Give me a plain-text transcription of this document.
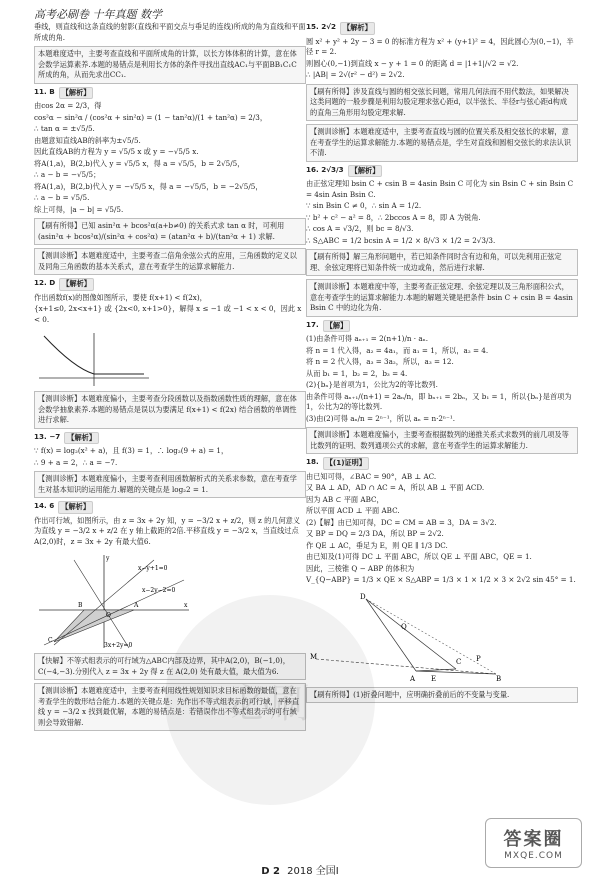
高考必刷卷 十年真题 数学
垂线，则直线和这条直线的射影(直线和平面交点与垂足的连线)所成的角为直线和平面所成的角.
本题难度适中，主要考查直线和平面所成角的计算，以长方体体积的计算，意在体会数学运算素养.本题的易错点是利用长方体的条件寻找出直线AC₁与平面BB₁C₁C所成的角，从而先求出CC₁.
11. B 【解析】
由cos 2α = 2/3，得
cos²α − sin²α / (cos²α + sin²α) = (1 − tan²α)/(1 + tan²α) = 2/3，
∴ tan α = ±√5/5.
由题意知直线AB的斜率为±√5/5.
因此直线AB的方程为 y = √5/5 x 或 y = −√5/5 x.
将A(1,a)，B(2,b)代入 y = √5/5 x，得 a = √5/5，b = 2√5/5，
∴ a − b = −√5/5；
将A(1,a)，B(2,b)代入 y = −√5/5 x，得 a = −√5/5，b = −2√5/5，
∴ a − b = √5/5.
综上可得，|a − b| = √5/5.
【刷有所得】已知 asin²α + bcos²α(a+b≠0) 的关系式求 tan α 时，可利用 (asin²α + bcos²α)/(sin²α + cos²α) = (atan²α + b)/(tan²α + 1) 求解.
【测训诊断】本题难度适中，主要考查二倍角余弦公式的应用，三角函数的定义以及同角三角函数的基本关系式，意在考查学生的运算求解能力.
12. D 【解析】
作出函数f(x)的图像如图所示，要使 f(x+1) < f(2x)，
{x+1≤0, 2x<x+1} 或 {2x<0, x+1>0}，解得 x ≤ −1 或 −1 < x < 0，因此 x < 0.
【测训诊断】本题难度偏小，主要考查分段函数以及指数函数性质的理解，意在体会数学抽象素养.本题的易错点是误以为要满足 f(x+1) < f(2x) 结合函数的单调性进行求解.
13. −7 【解析】
∵ f(x) = log₂(x² + a)，且 f(3) = 1，∴ log₂(9 + a) = 1，
∴ 9 + a = 2，∴ a = −7.
【测训诊断】本题难度偏小，主要考查利用函数解析式的关系求参数，意在考查学生对基本知识的运用能力.解题的关键点是 log₂2 = 1.
14. 6 【解析】
作出可行域，如图所示，由 z = 3x + 2y 知，y = −3/2 x + z/2，则 z 的几何意义为直线 y = −3/2 x + z/2 在 y 轴上截距的2倍.平移直线 y = −3/2 x，当直线过点A(2,0)时，z = 3x + 2y 有最大值6.
x−y+1=0
x−2y−2=0
3x+2y=0
A
B
C
O
x
y
【快解】不等式组表示的可行域为△ABC内部及边界，其中A(2,0)，B(−1,0)，C(−4,−3).分别代入 z = 3x + 2y 得 z 在 A(2,0) 处有最大值，最大值为6.
【测训诊断】本题难度适中，主要考查利用线性规划知识求目标函数的最值，意在考查学生的数形结合能力.本题的关键点是：先作出不等式组表示的可行域，平移直线 y = −3/2 x 找到最优解，本题的易错点是：若错误作出不等式组表示的可行域则会导致错解.
15. 2√2 【解析】
圆 x² + y² + 2y − 3 = 0 的标准方程为 x² + (y+1)² = 4，因此圆心为(0,−1)，半径 r = 2.
则圆心(0,−1)到直线 x − y + 1 = 0 的距离 d = |1+1|/√2 = √2.
∴ |AB| = 2√(r² − d²) = 2√2.
【刷有所得】涉及直线与圆的相交弦长问题，常用几何法而不用代数法，如果解决这类问题的一般步骤是利用勾股定理求弦心距d，以半弦长、半径r与弦心距d构成的直角三角形用勾股定理求解.
【测训诊断】本题难度适中，主要考查直线与圆的位置关系及相交弦长的求解，意在考查学生的运算求解能力.本题的易错点是，学生对直线和圆相交弦长的求法认识不清.
16. 2√3/3 【解析】
由正弦定理知 bsin C + csin B = 4asin Bsin C 可化为 sin Bsin C + sin Bsin C = 4sin Asin Bsin C.
∵ sin Bsin C ≠ 0，∴ sin A = 1/2.
∵ b² + c² − a² = 8，∴ 2bccos A = 8，即 A 为锐角.
∴ cos A = √3/2，则 bc = 8/√3.
∴ S△ABC = 1/2 bcsin A = 1/2 × 8/√3 × 1/2 = 2√3/3.
【刷有所得】解三角形问题中，若已知条件同时含有边和角，可以先利用正弦定理、余弦定理将已知条件统一成边或角，然后进行求解.
【测训诊断】本题难度中等，主要考查正弦定理、余弦定理以及三角形面积公式，意在考查学生的运算求解能力.本题的解题关键是把条件 bsin C + csin B = 4asin Bsin C 中的边化为角.
17. 【解】
(1)由条件可得 aₙ₊₁ = 2(n+1)/n · aₙ.
将 n = 1 代入得，a₂ = 4a₁，而 a₁ = 1，所以，a₂ = 4.
将 n = 2 代入得，a₃ = 3a₂，所以，a₃ = 12.
从而 b₁ = 1，b₂ = 2，b₃ = 4.
(2){bₙ}是首项为1，公比为2的等比数列.
由条件可得 aₙ₊₁/(n+1) = 2aₙ/n，即 bₙ₊₁ = 2bₙ，又 b₁ = 1，所以{bₙ}是首项为1，公比为2的等比数列.
(3)由(2)可得 aₙ/n = 2ⁿ⁻¹，所以 aₙ = n·2ⁿ⁻¹.
【测训诊断】本题难度偏小，主要考查根据数列的递推关系式求数列的前几项及等比数列的证明、数列通项公式的求解，意在考查学生的运算求解能力.
18. 【(1)证明】
由已知可得，∠BAC = 90°，AB ⊥ AC.
又 BA ⊥ AD，AD ∩ AC = A，所以 AB ⊥ 平面 ACD.
因为 AB ⊂ 平面 ABC，
所以平面 ACD ⊥ 平面 ABC.
(2)【解】由已知可得，DC = CM = AB = 3，DA = 3√2.
又 BP = DQ = 2/3 DA，所以 BP = 2√2.
作 QE ⊥ AC，垂足为 E，则 QE ∥ 1/3 DC.
由已知及(1)可得 DC ⊥ 平面 ABC，所以 QE ⊥ 平面 ABC，QE = 1.
因此，三棱锥 Q − ABP 的体积为
V_{Q−ABP} = 1/3 × QE × S△ABP = 1/3 × 1 × 1/2 × 3 × 2√2 sin 45° = 1.
M
D
Q
A E
C P
B
【刷有所得】(1)折叠问题中，应明确折叠前后的不变量与变量.
必刷
D 2 2018 全国Ⅰ
答案圈
MXQE.COM
